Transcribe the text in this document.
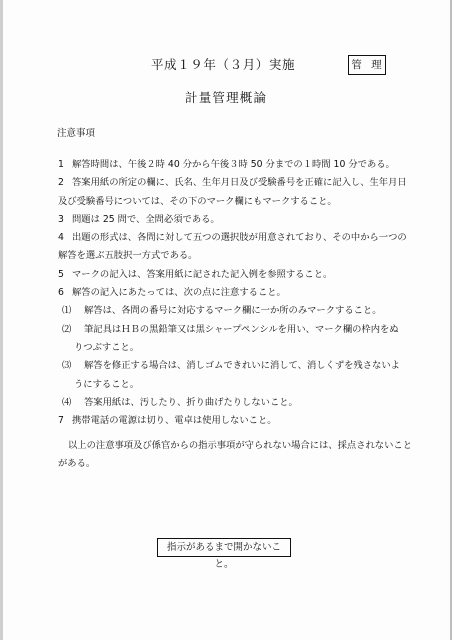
平成１９年（３月）実施	管 理
計量管理概論
注意事項
1 解答時間は、午後２時 40 分から午後３時 50 分までの１時間 10 分である。
2 答案用紙の所定の欄に、氏名、生年月日及び受験番号を正確に記入し、生年月日
及び受験番号については、その下のマーク欄にもマークすること。
3 問題は 25 問で、全問必須である。
4 出題の形式は、各問に対して五つの選択肢が用意されており、その中から一つの
解答を選ぶ五肢択一方式である。
5 マークの記入は、答案用紙に記された記入例を参照すること。
6 解答の記入にあたっては、次の点に注意すること。
⑴ 解答は、各問の番号に対応するマーク欄に一か所のみマークすること。
⑵ 筆記具はＨＢの黒鉛筆又は黒シャープペンシルを用い、マーク欄の枠内をぬ
りつぶすこと。
⑶ 解答を修正する場合は、消しゴムできれいに消して、消しくずを残さないよ
うにすること。
⑷ 答案用紙は、汚したり、折り曲げたりしないこと。
7 携帯電話の電源は切り、電卓は使用しないこと。
以上の注意事項及び係官からの指示事項が守られない場合には、採点されないこと
がある。
指示があるまで開かないこと。
